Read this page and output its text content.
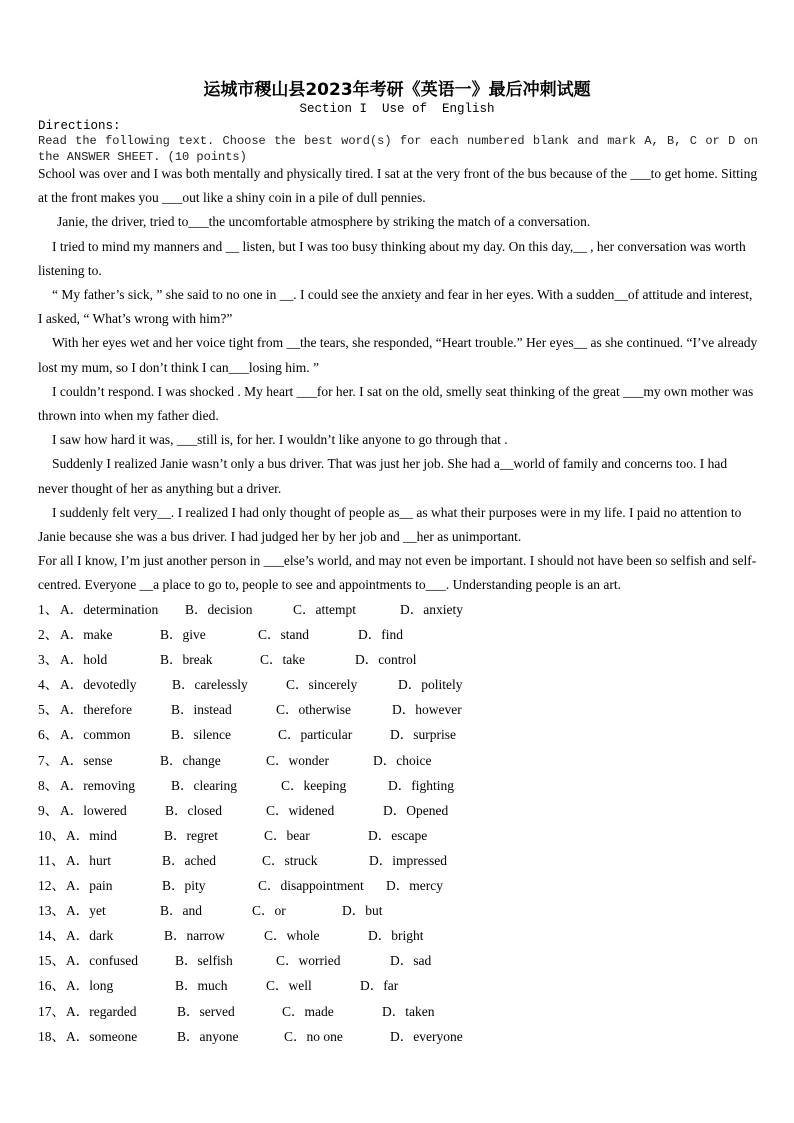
运城市稷山县2023年考研《英语一》最后冲刺试题
Section I  Use of  English
Directions:
Read the following text. Choose the best word(s) for each numbered blank and mark A, B, C or D on the ANSWER SHEET. (10 points)

School was over and I was both mentally and physically tired. I sat at the very front of the bus because of the ___to get home. Sitting at the front makes you ___out like a shiny coin in a pile of dull pennies.

Janie, the driver, tried to___the uncomfortable atmosphere by striking the match of a conversation.

I tried to mind my manners and __ listen, but I was too busy thinking about my day. On this day,__ , her conversation was worth listening to.

“ My father’s sick, ” she said to no one in __. I could see the anxiety and fear in her eyes. With a sudden__of attitude and interest, I asked, “ What’s wrong with him?”

With her eyes wet and her voice tight from __the tears, she responded, “Heart trouble.” Her eyes__ as she continued. “I’ve already lost my mum, so I don’t think I can___losing him. ”

I couldn’t respond. I was shocked . My heart ___for her. I sat on the old, smelly seat thinking of the great ___my own mother was thrown into when my father died.

I saw how hard it was, ___still is, for her. I wouldn’t like anyone to go through that .

Suddenly I realized Janie wasn’t only a bus driver. That was just her job. She had a__world of family and concerns too. I had never thought of her as anything but a driver.

I suddenly felt very__. I realized I had only thought of people as__ as what their purposes were in my life. I paid no attention to Janie because she was a bus driver. I had judged her by her job and __her as unimportant.

For all I know, I’m just another person in ___else’s world, and may not even be important. I should not have been so selfish and self-centred. Everyone __a place to go to, people to see and appointments to___. Understanding people is an art.

1、 A．determination B．decision	C．attempt	D．anxiety
2、 A．make	B．give	C．stand	D．find
3、 A．hold	B．break	C．take	D．control
4、 A．devotedly	B．carelessly	C．sincerely	D．politely
5、 A．therefore	B．instead	C．otherwise	D．however
6、 A．common	B．silence	C．particular	D．surprise
7、 A．sense	B．change	C．wonder	D．choice
8、 A．removing	B．clearing	C．keeping	D．fighting
9、 A．lowered	B．closed	C．widened	D．Opened
10、 A．mind	B．regret	C．bear	D．escape
11、 A．hurt	B．ached	C．struck	D．impressed
12、 A．pain	B．pity	C．disappointment D．mercy
13、 A．yet	B．and	C．or	D．but
14、 A．dark	B．narrow	C．whole	D．bright
15、 A．confused	B．selfish	C．worried	D．sad
16、 A．long	B．much	C．well	D．far
17、 A．regarded	B．served	C．made	D．taken
18、 A．someone	B．anyone	C．no one	D．everyone
